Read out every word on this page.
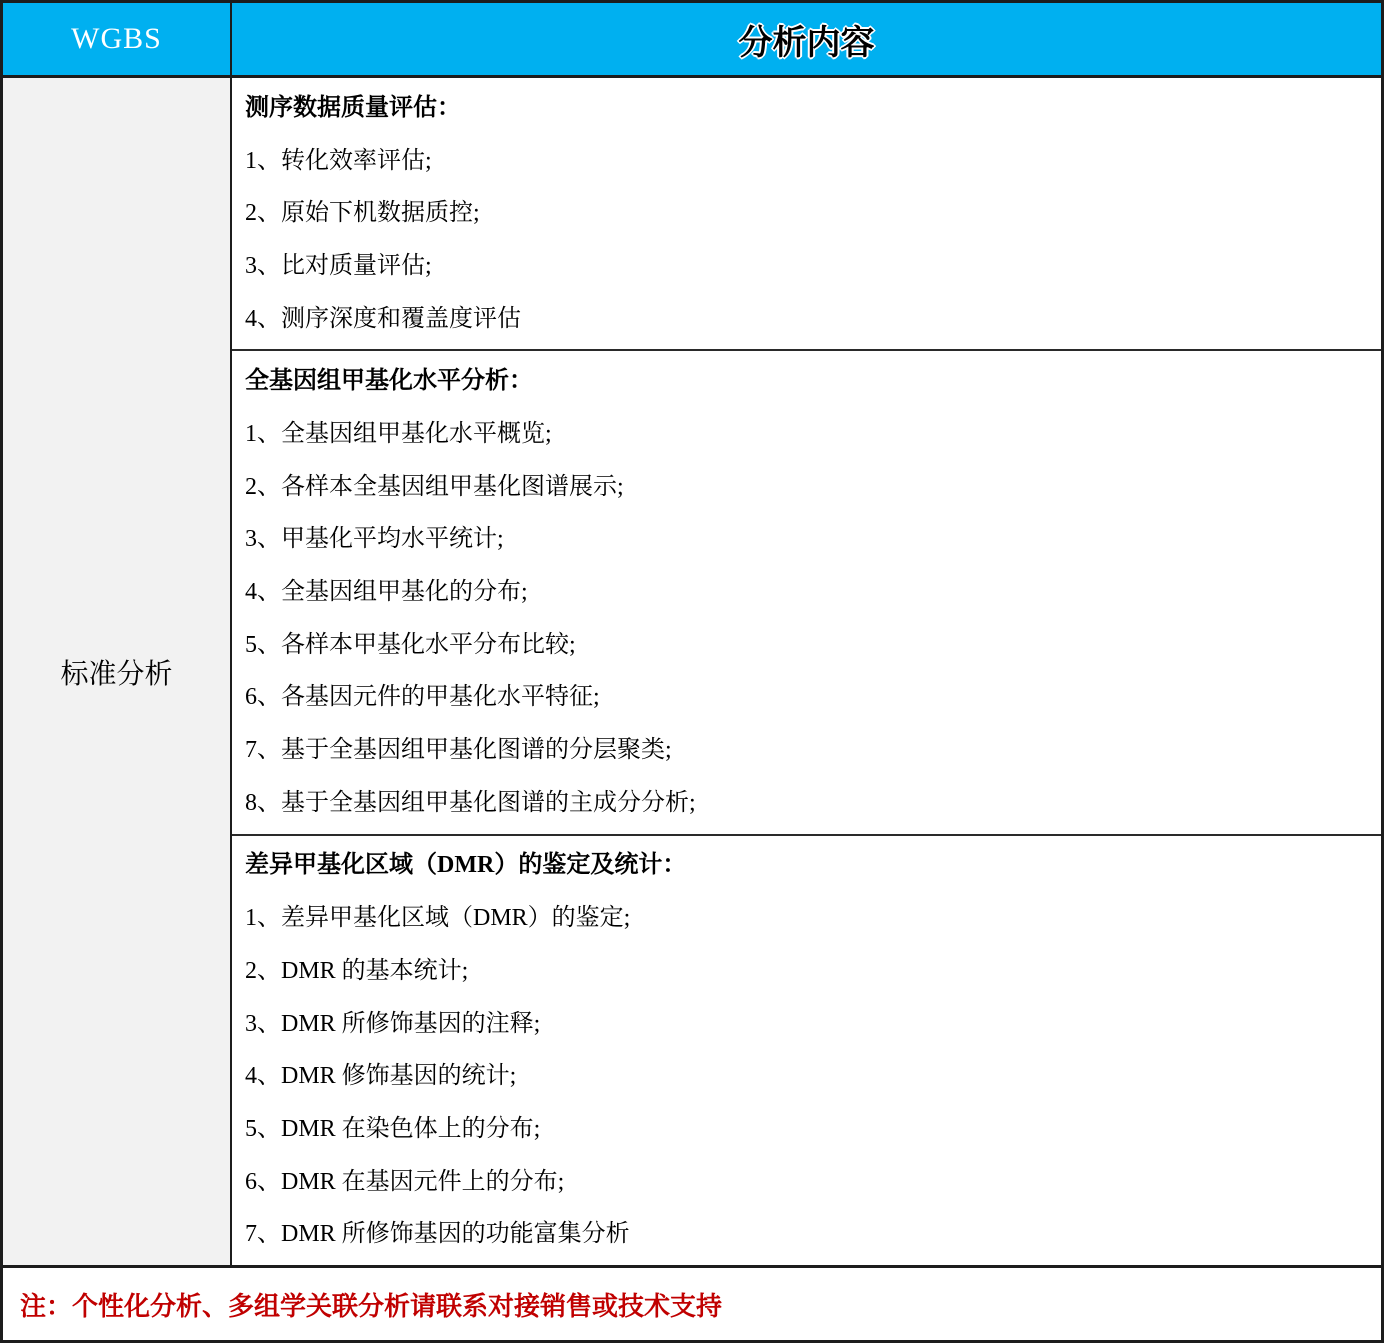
WGBS	分析内容
标准分析
测序数据质量评估：
1、转化效率评估;
2、原始下机数据质控;
3、比对质量评估;
4、测序深度和覆盖度评估
全基因组甲基化水平分析：
1、全基因组甲基化水平概览;
2、各样本全基因组甲基化图谱展示;
3、甲基化平均水平统计;
4、全基因组甲基化的分布;
5、各样本甲基化水平分布比较;
6、各基因元件的甲基化水平特征;
7、基于全基因组甲基化图谱的分层聚类;
8、基于全基因组甲基化图谱的主成分分析;
差异甲基化区域（DMR）的鉴定及统计：
1、差异甲基化区域（DMR）的鉴定;
2、DMR 的基本统计;
3、DMR 所修饰基因的注释;
4、DMR 修饰基因的统计;
5、DMR 在染色体上的分布;
6、DMR 在基因元件上的分布;
7、DMR 所修饰基因的功能富集分析
注：个性化分析、多组学关联分析请联系对接销售或技术支持
